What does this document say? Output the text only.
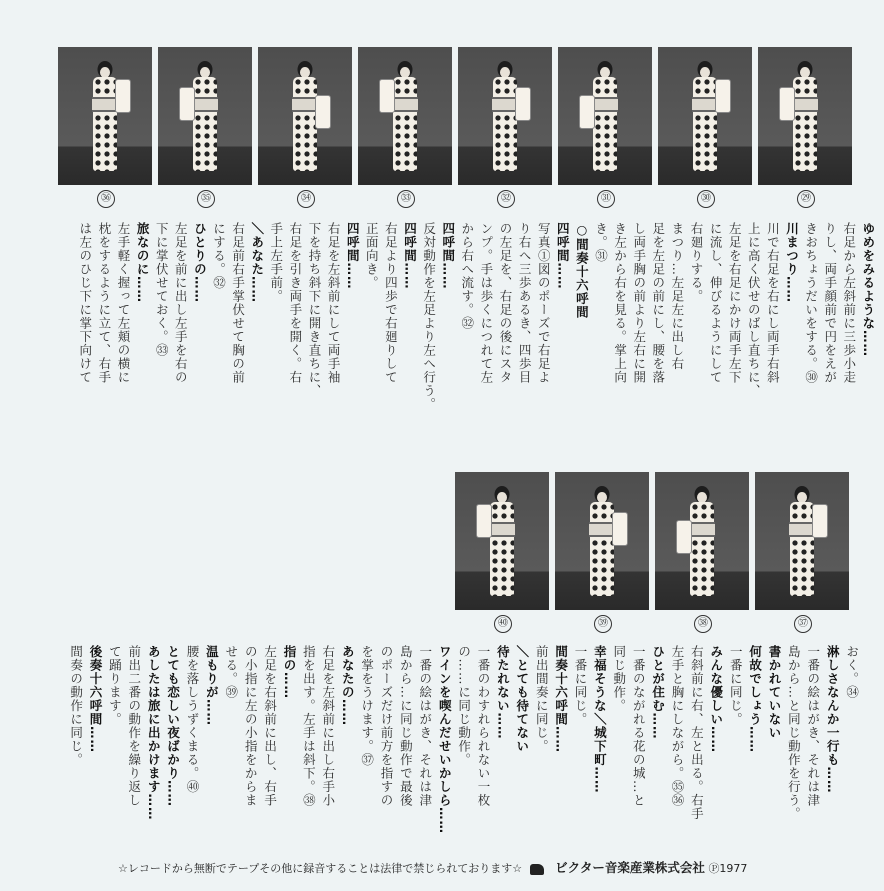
㊱	㉟	㉞	㉝	㉜	㉛	㉚	㉙
㊵	㊴	㊳	㊲
ゆめをみるような……
右足から左斜前に三歩小走
りし、両手顔前で円をえが
きおちょうだいをする。㉚
川まつり……
川で右足を右にし両手右斜
上に高く伏せのばし直ちに、
左足を右足にかけ両手左下
に流し、伸びるようにして
右廻りする。
まつり…左足左に出し右
足を左足の前にし、腰を落
し両手胸の前より左右に開
き左から右を見る。掌上向
き。㉛
○間奏十六呼間
四呼間……
写真①図のポーズで右足よ
り右へ三歩あるき、四歩目
の左足を、右足の後にスタ
ンプ。手は歩くにつれて左
から右へ流す。㉜
四呼間……
反対動作を左足より左へ行う。
四呼間……
右足より四歩で右廻りして
正面向き。
四呼間……
右足を左斜前にして両手袖
下を持ち斜下に開き直ちに、
右足を引き両手を開く。右
手上左手前。
＼あなた……
右足前右手掌伏せて胸の前
にする。㉜
ひとりの……
左足を前に出し左手を右の
下に掌伏せておく。㉝
旅なのに……
左手軽く握って左頬の横に
枕をするように立て、右手
は左のひじ下に掌下向けて
おく。㉞
淋しさなんか一行も……
一番の絵はがき、それは津
島から…と同じ動作を行う。
書かれていない
何故でしょう……
一番に同じ。
みんな優しい……
右斜前に右、左と出る。右手
左手と胸にしながら。㉟㊱
ひとが住む……
一番のながれる花の城…と
同じ動作。
幸福そうな＼城下町……
一番に同じ。
間奏十六呼間……
前出間奏に同じ。
＼とても待てない
待たれない……
一番のわすれられない一枚
の……に同じ動作。
ワインを喫んだせいかしら……
一番の絵はがき、それは津
島から…に同じ動作で最後
のポーズだけ前方を指すの
を掌をうけます。㊲
あなたの……
右足を左斜前に出し右手小
指を出す。左手は斜下。㊳
指の……
左足を右斜前に出し、右手
の小指に左の小指をからま
せる。㊴
温もりが……
腰を落しうずくまる。㊵
とても恋しい夜ばかり……
あしたは旅に出かけます……
前出二番の動作を繰り返し
て踊ります。
後奏十六呼間……
間奏の動作に同じ。
☆レコードから無断でテープその他に録音することは法律で禁じられております☆	ビクター音楽産業株式会社 Ⓟ1977
